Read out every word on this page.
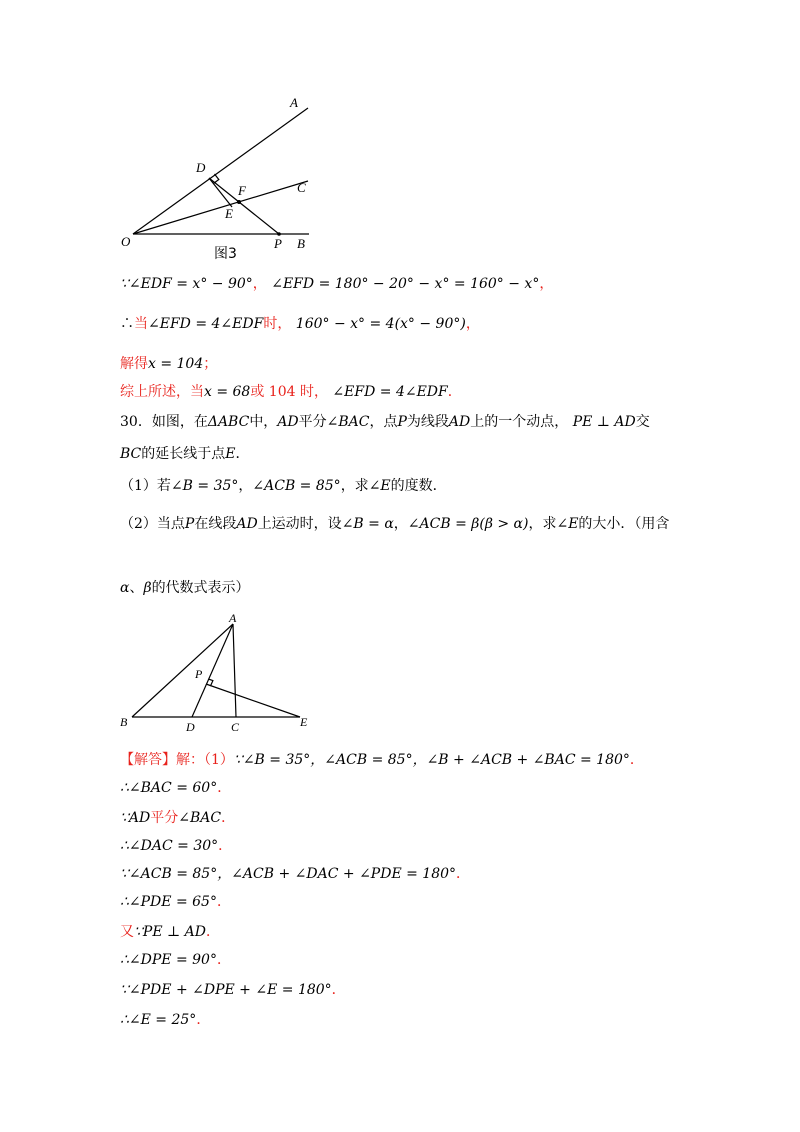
A
D
F	C
E
O	P B
图3
∵∠EDF = x° − 90°， ∠EFD = 180° − 20° − x° = 160° − x°，
∴当∠EFD = 4∠EDF时， 160° − x° = 4(x° − 90°)，
解得x = 104；
综上所述，当x = 68或 104 时， ∠EFD = 4∠EDF．
30．如图，在ΔABC中，AD平分∠BAC，点P为线段AD上的一个动点， PE ⊥ AD交
BC的延长线于点E．
（1）若∠B = 35°，∠ACB = 85°，求∠E的度数．
（2）当点P在线段AD上运动时，设∠B = α，∠ACB = β(β > α)，求∠E的大小．（用含
α、β的代数式表示）
A
P
B	D	C	E
【解答】解：（1）∵∠B = 35°，∠ACB = 85°，∠B + ∠ACB + ∠BAC = 180°．
∴∠BAC = 60°．
∵AD平分∠BAC．
∴∠DAC = 30°．
∵∠ACB = 85°，∠ACB + ∠DAC + ∠PDE = 180°．
∴∠PDE = 65°．
又∵PE ⊥ AD．
∴∠DPE = 90°．
∵∠PDE + ∠DPE + ∠E = 180°．
∴∠E = 25°．
